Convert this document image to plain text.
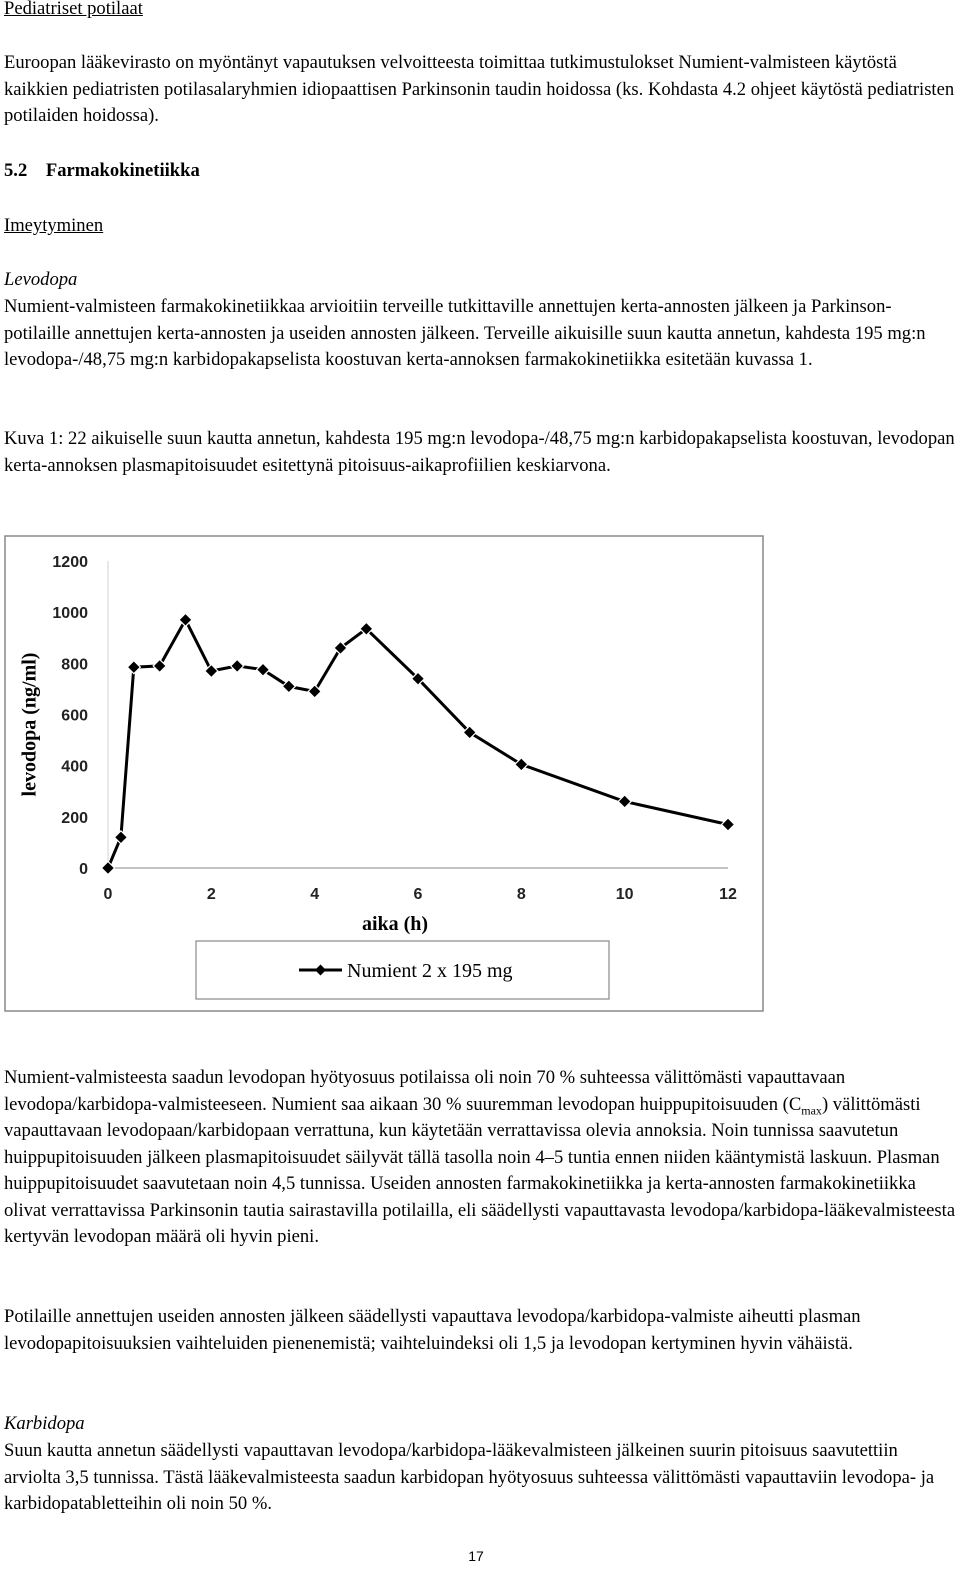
Pediatriset potilaat

Euroopan lääkevirasto on myöntänyt vapautuksen velvoitteesta toimittaa tutkimustulokset Numient-valmisteen käytöstä kaikkien pediatristen potilasalaryhmien idiopaattisen Parkinsonin taudin hoidossa (ks. Kohdasta 4.2 ohjeet käytöstä pediatristen potilaiden hoidossa).

5.2 Farmakokinetiikka

Imeytyminen

Levodopa

Numient-valmisteen farmakokinetiikkaa arvioitiin terveille tutkittaville annettujen kerta-annosten jälkeen ja Parkinson-potilaille annettujen kerta-annosten ja useiden annosten jälkeen. Terveille aikuisille suun kautta annetun, kahdesta 195 mg:n levodopa-/48,75 mg:n karbidopakapselista koostuvan kerta-annoksen farmakokinetiikka esitetään kuvassa 1.

Kuva 1: 22 aikuiselle suun kautta annetun, kahdesta 195 mg:n levodopa-/48,75 mg:n karbidopakapselista koostuvan, levodopan kerta-annoksen plasmapitoisuudet esitettynä pitoisuus-aikaprofiilien keskiarvona.

0
200
400
600
800
1000
1200
0	2	4	6	8	10	12
aika (h)
Numient 2 x 195 mg
levodopa (ng/ml)

Numient-valmisteesta saadun levodopan hyötyosuus potilaissa oli noin 70 % suhteessa välittömästi vapauttavaan levodopa/karbidopa-valmisteeseen. Numient saa aikaan 30 % suuremman levodopan huippupitoisuuden $(C_{max})$ välittömästi vapauttavaan levodopaan/karbidopaan verrattuna, kun käytetään verrattavissa olevia annoksia. Noin tunnissa saavutetun huippupitoisuuden jälkeen plasmapitoisuudet säilyvät tällä tasolla noin 4–5 tuntia ennen niiden kääntymistä laskuun. Plasman huippupitoisuudet saavutetaan noin 4,5 tunnissa. Useiden annosten farmakokinetiikka ja kerta-annosten farmakokinetiikka olivat verrattavissa Parkinsonin tautia sairastavilla potilailla, eli säädellysti vapauttavasta levodopa/karbidopa-lääkevalmisteesta kertyvän levodopan määrä oli hyvin pieni.

Potilaille annettujen useiden annosten jälkeen säädellysti vapauttava levodopa/karbidopa-valmiste aiheutti plasman levodopapitoisuuksien vaihteluiden pienenemistä; vaihteluindeksi oli 1,5 ja levodopan kertyminen hyvin vähäistä.

Karbidopa

Suun kautta annetun säädellysti vapauttavan levodopa/karbidopa-lääkevalmisteen jälkeinen suurin pitoisuus saavutettiin arviolta 3,5 tunnissa. Tästä lääkevalmisteesta saadun karbidopan hyötyosuus suhteessa välittömästi vapauttaviin levodopa- ja karbidopatabletteihin oli noin 50 %.

17
